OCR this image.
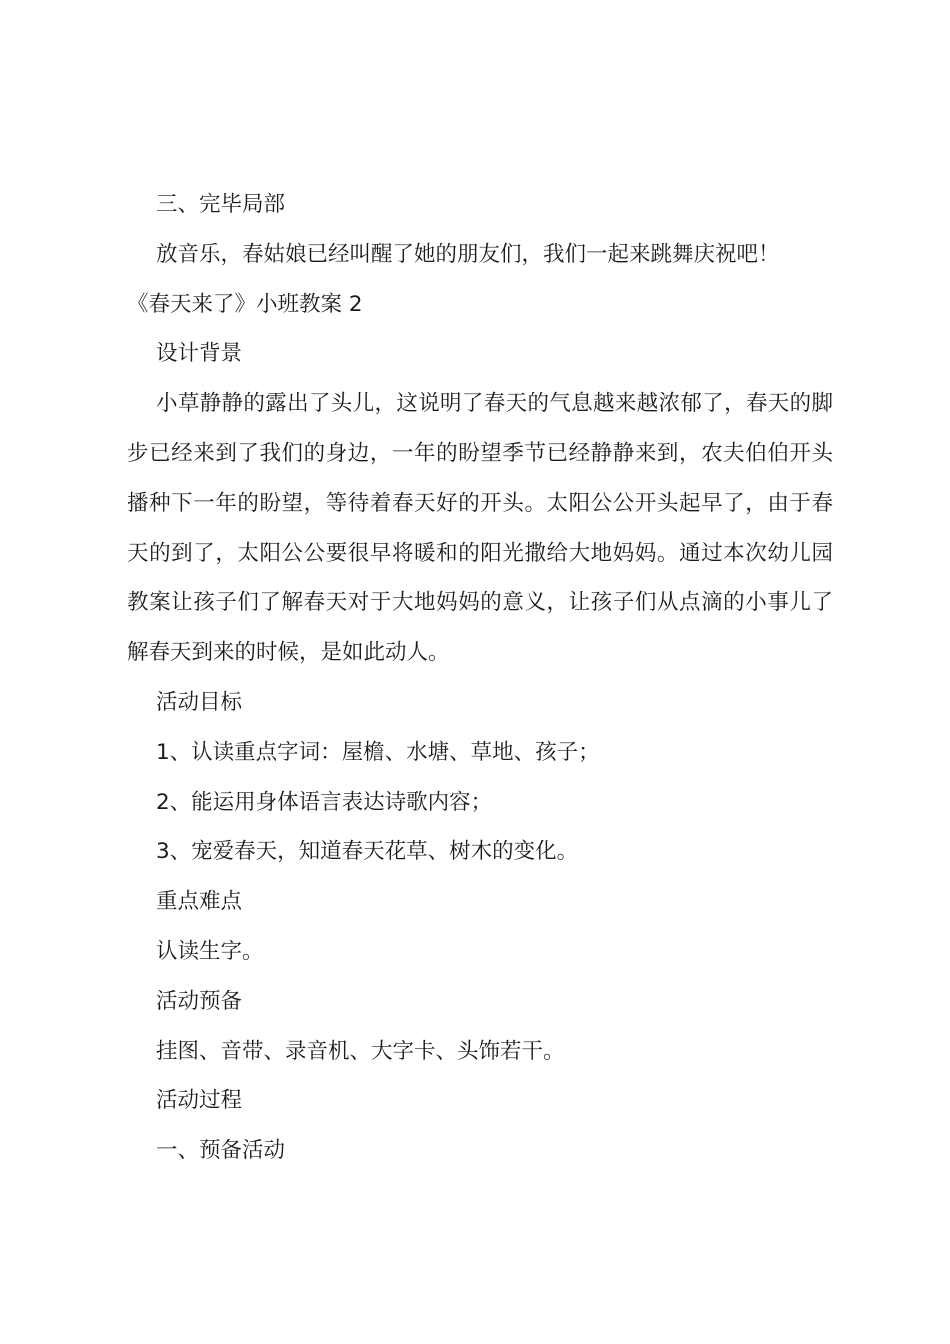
三、完毕局部

放音乐，春姑娘已经叫醒了她的朋友们，我们一起来跳舞庆祝吧！

《春天来了》小班教案 2

设计背景

小草静静的露出了头儿，这说明了春天的气息越来越浓郁了，春天的脚步已经来到了我们的身边，一年的盼望季节已经静静来到，农夫伯伯开头播种下一年的盼望，等待着春天好的开头。太阳公公开头起早了，由于春天的到了，太阳公公要很早将暖和的阳光撒给大地妈妈。通过本次幼儿园教案让孩子们了解春天对于大地妈妈的意义，让孩子们从点滴的小事儿了解春天到来的时候，是如此动人。

活动目标

1、认读重点字词：屋檐、水塘、草地、孩子；

2、能运用身体语言表达诗歌内容；

3、宠爱春天，知道春天花草、树木的变化。

重点难点

认读生字。

活动预备

挂图、音带、录音机、大字卡、头饰若干。

活动过程

一、预备活动
